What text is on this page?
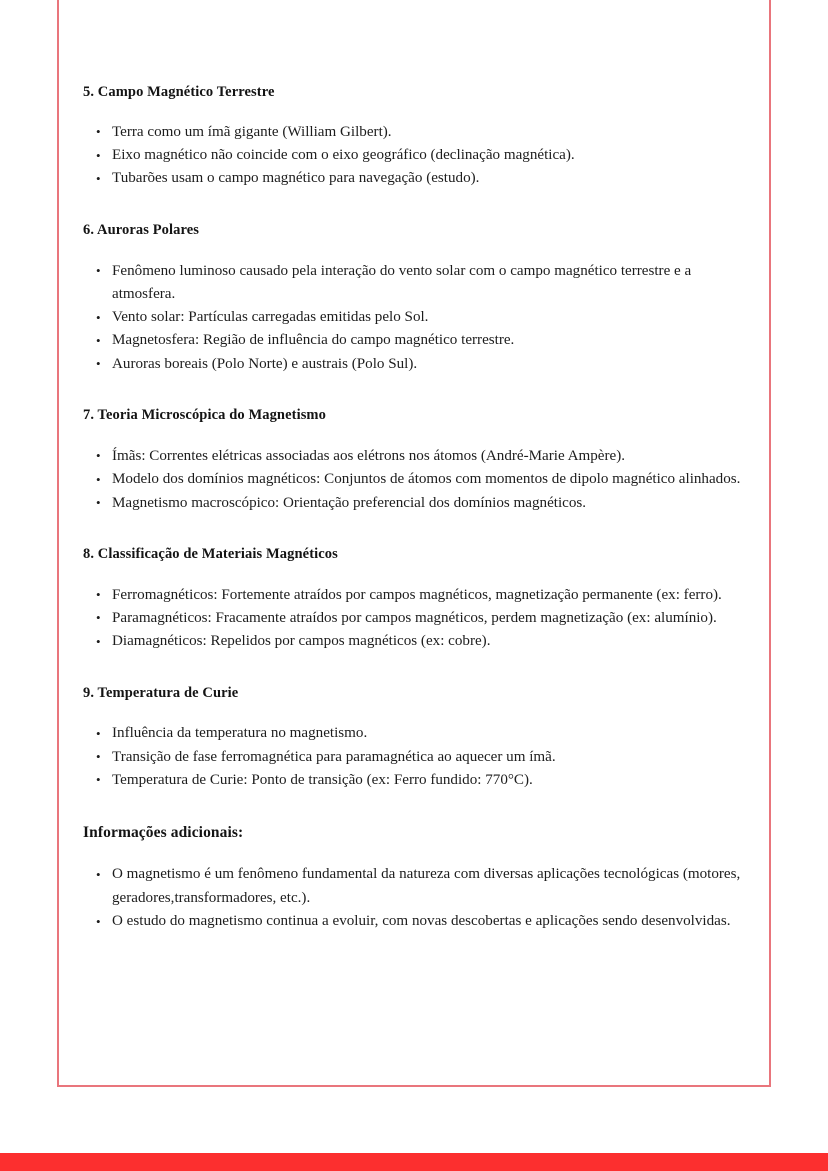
5. Campo Magnético Terrestre
• Terra como um ímã gigante (William Gilbert).
• Eixo magnético não coincide com o eixo geográfico (declinação magnética).
• Tubarões usam o campo magnético para navegação (estudo).
6. Auroras Polares
• Fenômeno luminoso causado pela interação do vento solar com o campo magnético terrestre e a atmosfera.
• Vento solar: Partículas carregadas emitidas pelo Sol.
• Magnetosfera: Região de influência do campo magnético terrestre.
• Auroras boreais (Polo Norte) e austrais (Polo Sul).
7. Teoria Microscópica do Magnetismo
• Ímãs: Correntes elétricas associadas aos elétrons nos átomos (André-Marie Ampère).
• Modelo dos domínios magnéticos: Conjuntos de átomos com momentos de dipolo magnético alinhados.
• Magnetismo macroscópico: Orientação preferencial dos domínios magnéticos.
8. Classificação de Materiais Magnéticos
• Ferromagnéticos: Fortemente atraídos por campos magnéticos, magnetização permanente (ex: ferro).
• Paramagnéticos: Fracamente atraídos por campos magnéticos, perdem magnetização (ex: alumínio).
• Diamagnéticos: Repelidos por campos magnéticos (ex: cobre).
9. Temperatura de Curie
• Influência da temperatura no magnetismo.
• Transição de fase ferromagnética para paramagnética ao aquecer um ímã.
• Temperatura de Curie: Ponto de transição (ex: Ferro fundido: 770°C).
Informações adicionais:
• O magnetismo é um fenômeno fundamental da natureza com diversas aplicações tecnológicas (motores, geradores,transformadores, etc.).
• O estudo do magnetismo continua a evoluir, com novas descobertas e aplicações sendo desenvolvidas.
